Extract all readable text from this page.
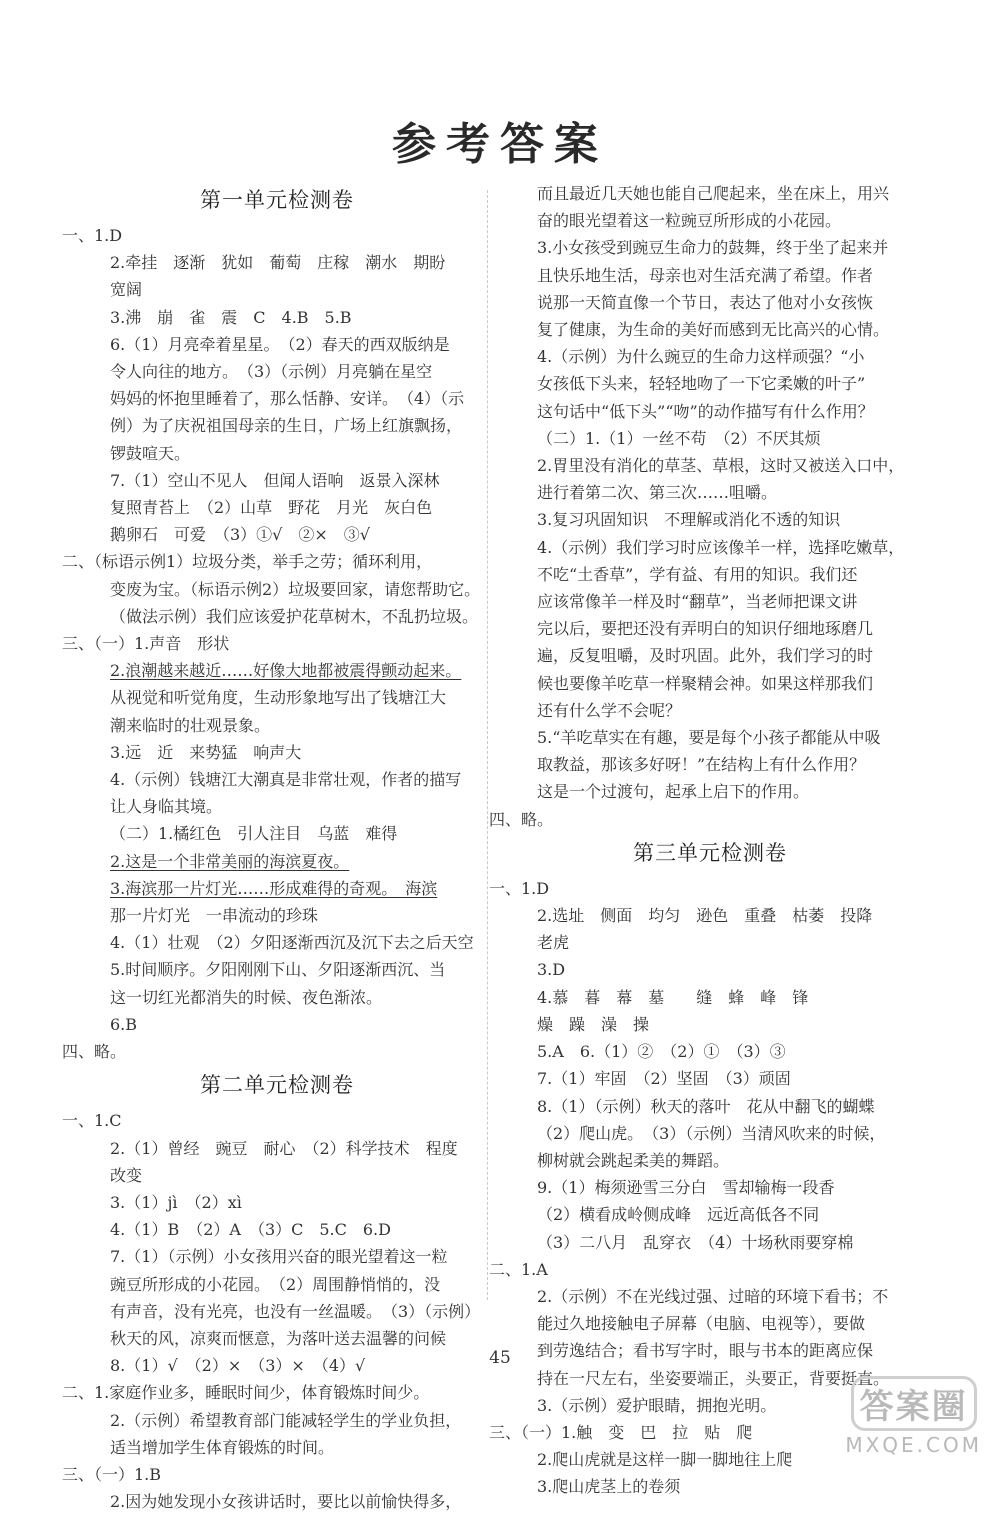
参考答案
第一单元检测卷
一、1.D
2.牵挂　逐渐　犹如　葡萄　庄稼　潮水　期盼
宽阔
3.沸　崩　雀　震　C　4.B　5.B
6.（1）月亮牵着星星。　（2）春天的西双版纳是
令人向往的地方。　（3）（示例）月亮躺在星空
妈妈的怀抱里睡着了，那么恬静、安详。　（4）（示
例）为了庆祝祖国母亲的生日，广场上红旗飘扬，
锣鼓喧天。
7.（1）空山不见人　但闻人语响　返景入深林
复照青苔上　（2）山草　野花　月光　灰白色
鹅卵石　可爱　（3）①√　②×　③√
二、（标语示例1）垃圾分类，举手之劳；循环利用，
变废为宝。（标语示例2）垃圾要回家，请您帮助它。
（做法示例）我们应该爱护花草树木，不乱扔垃圾。
三、（一）1.声音　形状
2.浪潮越来越近……好像大地都被震得颤动起来。
从视觉和听觉角度，生动形象地写出了钱塘江大
潮来临时的壮观景象。
3.远　近　来势猛　响声大
4.（示例）钱塘江大潮真是非常壮观，作者的描写
让人身临其境。
（二）1.橘红色　引人注目　乌蓝　难得
2.这是一个非常美丽的海滨夏夜。
3.海滨那一片灯光……形成难得的奇观。　海滨
那一片灯光　一串流动的珍珠
4.（1）壮观　（2）夕阳逐渐西沉及沉下去之后天空
5.时间顺序。夕阳刚刚下山、夕阳逐渐西沉、当
这一切红光都消失的时候、夜色渐浓。
6.B
四、略。
第二单元检测卷
一、1.C
2.（1）曾经　豌豆　耐心　（2）科学技术　程度
改变
3.（1）jì　（2）xì
4.（1）B　（2）A　（3）C　5.C　6.D
7.（1）（示例）小女孩用兴奋的眼光望着这一粒
豌豆所形成的小花园。　（2）周围静悄悄的，没
有声音，没有光亮，也没有一丝温暖。　（3）（示例）
秋天的风，凉爽而惬意，为落叶送去温馨的问候
8.（1）√　（2）×　（3）×　（4）√
二、1.家庭作业多，睡眠时间少，体育锻炼时间少。
2.（示例）希望教育部门能减轻学生的学业负担，
适当增加学生体育锻炼的时间。
三、（一）1.B
2.因为她发现小女孩讲话时，要比以前愉快得多，
而且最近几天她也能自己爬起来，坐在床上，用兴
奋的眼光望着这一粒豌豆所形成的小花园。
3.小女孩受到豌豆生命力的鼓舞，终于坐了起来并
且快乐地生活，母亲也对生活充满了希望。作者
说那一天简直像一个节日，表达了他对小女孩恢
复了健康，为生命的美好而感到无比高兴的心情。
4.（示例）为什么豌豆的生命力这样顽强？“小
女孩低下头来，轻轻地吻了一下它柔嫩的叶子”
这句话中“低下头”“吻”的动作描写有什么作用？
（二）1.（1）一丝不苟　（2）不厌其烦
2.胃里没有消化的草茎、草根，这时又被送入口中，
进行着第二次、第三次……咀嚼。
3.复习巩固知识　不理解或消化不透的知识
4.（示例）我们学习时应该像羊一样，选择吃嫩草，
不吃“土香草”，学有益、有用的知识。我们还
应该常像羊一样及时“翻草”，当老师把课文讲
完以后，要把还没有弄明白的知识仔细地琢磨几
遍，反复咀嚼，及时巩固。此外，我们学习的时
候也要像羊吃草一样聚精会神。如果这样那我们
还有什么学不会呢？
5.“羊吃草实在有趣，要是每个小孩子都能从中吸
取教益，那该多好呀！”在结构上有什么作用？
这是一个过渡句，起承上启下的作用。
四、略。
第三单元检测卷
一、1.D
2.选址　侧面　均匀　逊色　重叠　枯萎　投降
老虎
3.D
4.慕　暮　幕　墓　　缝　蜂　峰　锋
燥　躁　澡　操
5.A　6.（1）②　（2）①　（3）③
7.（1）牢固　（2）坚固　（3）顽固
8.（1）（示例）秋天的落叶　花从中翻飞的蝴蝶
（2）爬山虎。　（3）（示例）当清风吹来的时候，
柳树就会跳起柔美的舞蹈。
9.（1）梅须逊雪三分白　雪却输梅一段香
（2）横看成岭侧成峰　远近高低各不同
（3）二八月　乱穿衣　（4）十场秋雨要穿棉
二、1.A
2.（示例）不在光线过强、过暗的环境下看书；不
能过久地接触电子屏幕（电脑、电视等），要做
到劳逸结合；看书写字时，眼与书本的距离应保
持在一尺左右，坐姿要端正，头要正，背要挺直。
3.（示例）爱护眼睛，拥抱光明。
三、（一）1.触　变　巴　拉　贴　爬
2.爬山虎就是这样一脚一脚地往上爬
3.爬山虎茎上的卷须
45
答案圈
MXQE.COM
